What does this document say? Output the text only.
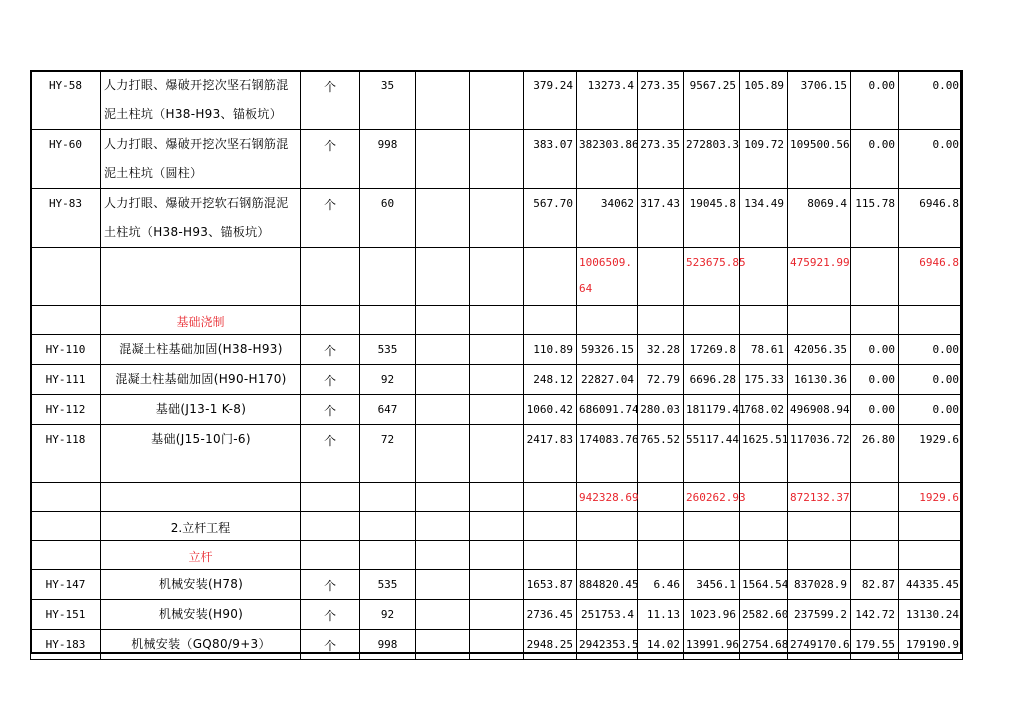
HY-58	人力打眼、爆破开挖次坚石钢筋混泥土柱坑（H38-H93、锚板坑）	个	35			379.24	13273.4	273.35	9567.25	105.89	3706.15	0.00	0.00
HY-60	人力打眼、爆破开挖次坚石钢筋混泥土柱坑（圆柱）	个	998			383.07	382303.86	273.35	272803.3	109.72	109500.56	0.00	0.00
HY-83	人力打眼、爆破开挖软石钢筋混泥土柱坑（H38-H93、锚板坑）	个	60			567.70	34062	317.43	19045.8	134.49	8069.4	115.78	6946.8
							1006509.64		523675.85		475921.99		6946.8
	基础浇制												
HY-110	混凝土柱基础加固(H38-H93)	个	535			110.89	59326.15	32.28	17269.8	78.61	42056.35	0.00	0.00
HY-111	混凝土柱基础加固(H90-H170)	个	92			248.12	22827.04	72.79	6696.28	175.33	16130.36	0.00	0.00
HY-112	基础(J13-1 K-8)	个	647			1060.42	686091.74	280.03	181179.41	768.02	496908.94	0.00	0.00
HY-118	基础(J15-10门-6)	个	72			2417.83	174083.76	765.52	55117.44	1625.51	117036.72	26.80	1929.6
							942328.69		260262.93		872132.37		1929.6
	2.立杆工程												
	立杆												
HY-147	机械安装(H78)	个	535			1653.87	884820.45	6.46	3456.1	1564.54	837028.9	82.87	44335.45
HY-151	机械安装(H90)	个	92			2736.45	251753.4	11.13	1023.96	2582.60	237599.2	142.72	13130.24
HY-183	机械安装（GQ80/9+3）	个	998			2948.25	2942353.5	14.02	13991.96	2754.68	2749170.6	179.55	179190.9
